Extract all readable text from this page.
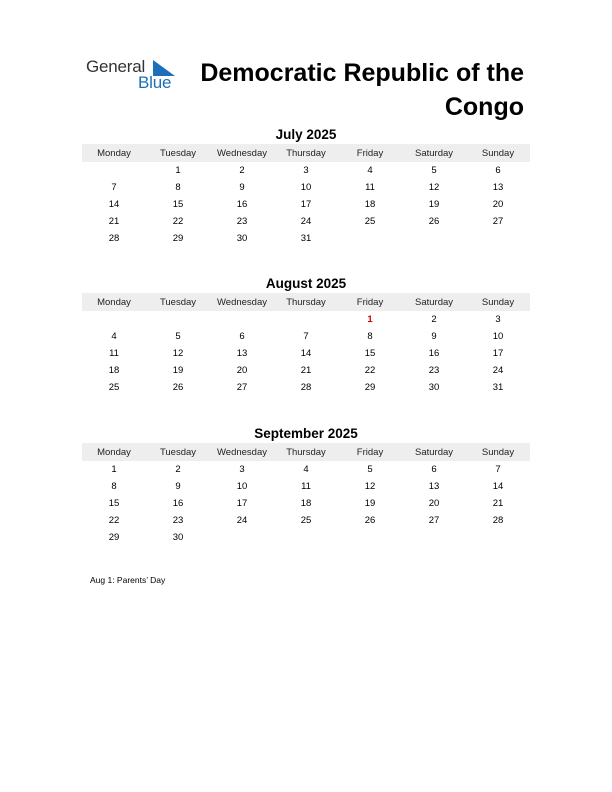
General
Blue	Democratic Republic of the Congo
July 2025
Monday	Tuesday	Wednesday	Thursday	Friday	Saturday	Sunday
	1	2	3	4	5	6
7	8	9	10	11	12	13
14	15	16	17	18	19	20
21	22	23	24	25	26	27
28	29	30	31			
August 2025
Monday	Tuesday	Wednesday	Thursday	Friday	Saturday	Sunday
				1	2	3
4	5	6	7	8	9	10
11	12	13	14	15	16	17
18	19	20	21	22	23	24
25	26	27	28	29	30	31
September 2025
Monday	Tuesday	Wednesday	Thursday	Friday	Saturday	Sunday
1	2	3	4	5	6	7
8	9	10	11	12	13	14
15	16	17	18	19	20	21
22	23	24	25	26	27	28
29	30					
Aug 1: Parents’ Day
